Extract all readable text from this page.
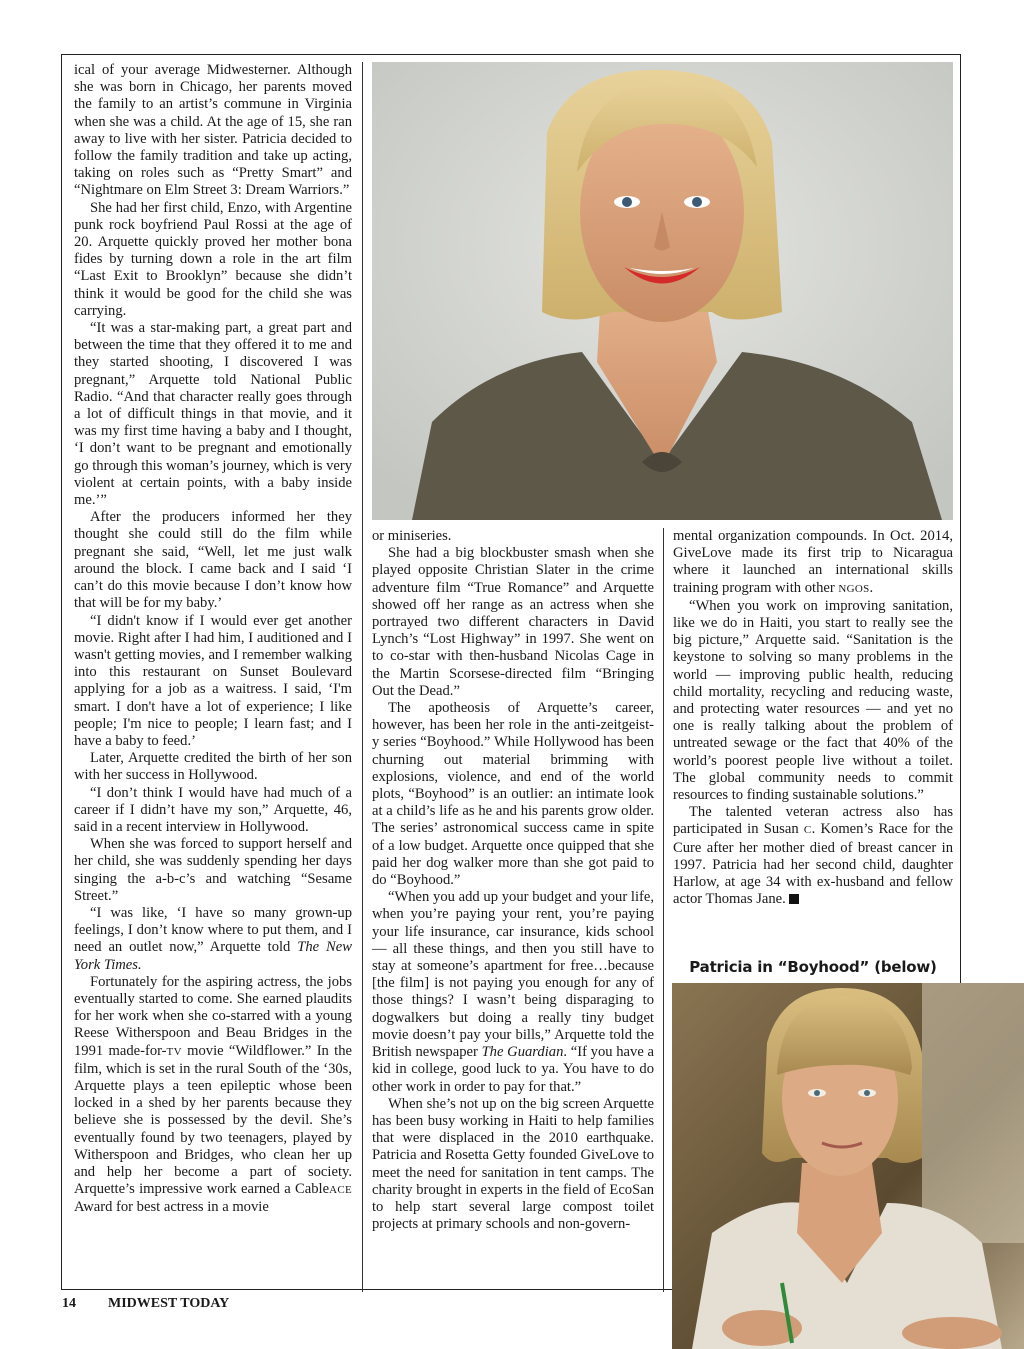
ical of your average Midwesterner. Although she was born in Chicago, her parents moved the family to an artist’s commune in Virginia when she was a child. At the age of 15, she ran away to live with her sister. Patricia decided to follow the family tradition and take up acting, taking on roles such as “Pretty Smart” and “Nightmare on Elm Street 3: Dream Warriors.”

She had her first child, Enzo, with Argentine punk rock boyfriend Paul Rossi at the age of 20. Arquette quickly proved her mother bona fides by turning down a role in the art film “Last Exit to Brooklyn” because she didn’t think it would be good for the child she was carrying.

“It was a star-making part, a great part and between the time that they offered it to me and they started shooting, I discovered I was pregnant,” Arquette told National Public Radio. “And that character really goes through a lot of difficult things in that movie, and it was my first time having a baby and I thought, ‘I don’t want to be pregnant and emotionally go through this woman’s journey, which is very violent at certain points, with a baby inside me.’”

After the producers informed her they thought she could still do the film while pregnant she said, “Well, let me just walk around the block. I came back and I said ‘I can’t do this movie because I don’t know how that will be for my baby.’

“I didn't know if I would ever get another movie. Right after I had him, I auditioned and I wasn't getting movies, and I remember walking into this restaurant on Sunset Boulevard applying for a job as a waitress. I said, ‘I'm smart. I don't have a lot of experience; I like people; I'm nice to people; I learn fast; and I have a baby to feed.’

Later, Arquette credited the birth of her son with her success in Hollywood.

“I don’t think I would have had much of a career if I didn’t have my son,” Arquette, 46, said in a recent interview in Hollywood.

When she was forced to support herself and her child, she was suddenly spending her days singing the a-b-c’s and watching “Sesame Street.”

“I was like, ‘I have so many grown-up feelings, I don’t know where to put them, and I need an outlet now,” Arquette told The New York Times.

Fortunately for the aspiring actress, the jobs eventually started to come. She earned plaudits for her work when she co-starred with a young Reese Witherspoon and Beau Bridges in the 1991 made-for-TV movie “Wildflower.” In the film, which is set in the rural South of the ‘30s, Arquette plays a teen epileptic whose been locked in a shed by her parents because they believe she is possessed by the devil. She’s eventually found by two teenagers, played by Witherspoon and Bridges, who clean her up and help her become a part of society. Arquette’s impressive work earned a CableACE Award for best actress in a movie

or miniseries.

She had a big blockbuster smash when she played opposite Christian Slater in the crime adventure film “True Romance” and Arquette showed off her range as an actress when she portrayed two different characters in David Lynch’s “Lost Highway” in 1997. She went on to co-star with then-husband Nicolas Cage in the Martin Scorsese-directed film “Bringing Out the Dead.”

The apotheosis of Arquette’s career, however, has been her role in the anti-zeitgeist-y series “Boyhood.” While Hollywood has been churning out material brimming with explosions, violence, and end of the world plots, “Boyhood” is an outlier: an intimate look at a child’s life as he and his parents grow older. The series’ astronomical success came in spite of a low budget. Arquette once quipped that she paid her dog walker more than she got paid to do “Boyhood.”

“When you add up your budget and your life, when you’re paying your rent, you’re paying your life insurance, car insurance, kids school — all these things, and then you still have to stay at someone’s apartment for free…because [the film] is not paying you enough for any of those things? I wasn’t being disparaging to dogwalkers but doing a really tiny budget movie doesn’t pay your bills,” Arquette told the British newspaper The Guardian. “If you have a kid in college, good luck to ya. You have to do other work in order to pay for that.”

When she’s not up on the big screen Arquette has been busy working in Haiti to help families that were displaced in the 2010 earthquake. Patricia and Rosetta Getty founded GiveLove to meet the need for sanitation in tent camps. The charity brought in experts in the field of EcoSan to help start several large compost toilet projects at primary schools and non-govern-

mental organization compounds. In Oct. 2014, GiveLove made its first trip to Nicaragua where it launched an international skills training program with other NGOS.

“When you work on improving sanitation, like we do in Haiti, you start to really see the big picture,” Arquette said. “Sanitation is the keystone to solving so many problems in the world — improving public health, reducing child mortality, recycling and reducing waste, and protecting water resources — and yet no one is really talking about the problem of untreated sewage or the fact that 40% of the world’s poorest people live without a toilet. The global community needs to commit resources to finding sustainable solutions.”

The talented veteran actress also has participated in Susan C. Komen’s Race for the Cure after her mother died of breast cancer in 1997. Patricia had her second child, daughter Harlow, at age 34 with ex-husband and fellow actor Thomas Jane.

Patricia in “Boyhood” (below)
14 MIDWEST TODAY
